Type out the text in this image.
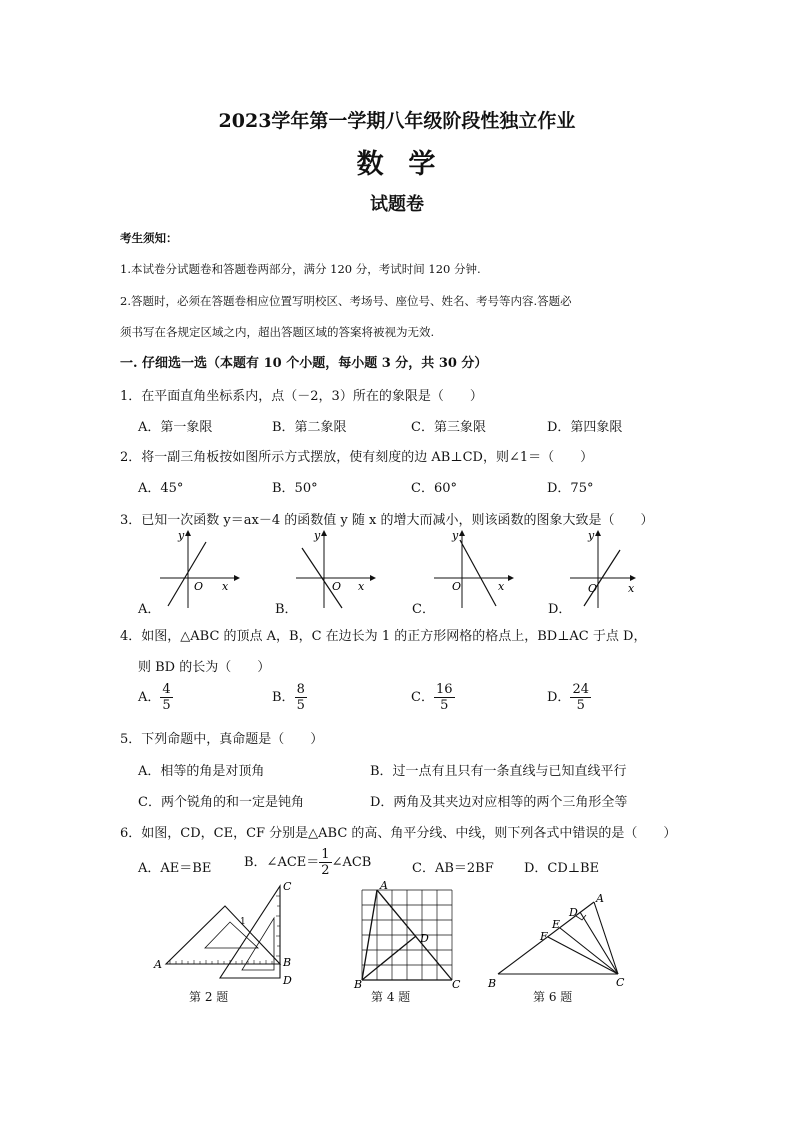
2023学年第一学期八年级阶段性独立作业
数  学
试题卷
考生须知：
1.本试卷分试题卷和答题卷两部分，满分 120 分，考试时间 120 分钟.
2.答题时，必须在答题卷相应位置写明校区、考场号、座位号、姓名、考号等内容.答题必
须书写在各规定区域之内，超出答题区域的答案将被视为无效.
一. 仔细选一选（本题有 10 个小题，每小题 3 分，共 30 分）
1．在平面直角坐标系内，点（－2，3）所在的象限是（　　）
A．第一象限	B．第二象限	C．第三象限	D．第四象限
2．将一副三角板按如图所示方式摆放，使有刻度的边 AB⊥CD，则∠1＝（　　）
A．45°	B．50°	C．60°	D．75°
3．已知一次函数 y＝ax－4 的函数值 y 随 x 的增大而减小，则该函数的图象大致是（　　）
y
x
O
A．
y
x
O
B．
y
x
O
C．
y
x
O
D．
4．如图，△ABC 的顶点 A，B，C 在边长为 1 的正方形网格的格点上，BD⊥AC 于点 D，
则 BD 的长为（　　）
A． $\frac{4}{5}$	B． $\frac{8}{5}$	C． $\frac{16}{5}$	D． $\frac{24}{5}$
5．下列命题中，真命题是（　　）
A．相等的角是对顶角	B．过一点有且只有一条直线与已知直线平行
C．两个锐角的和一定是钝角	D．两角及其夹边对应相等的两个三角形全等
6．如图，CD，CE，CF 分别是△ABC 的高、角平分线、中线，则下列各式中错误的是（　　）
A．AE＝BE	B．∠ACE＝ $\frac{1}{2}$ ∠ACB	C．AB＝2BF D．CD⊥BE
A	B
C
D
1
第 2 题
A
B	C
D
第 4 题
A
B	C
D
E
F
第 6 题
